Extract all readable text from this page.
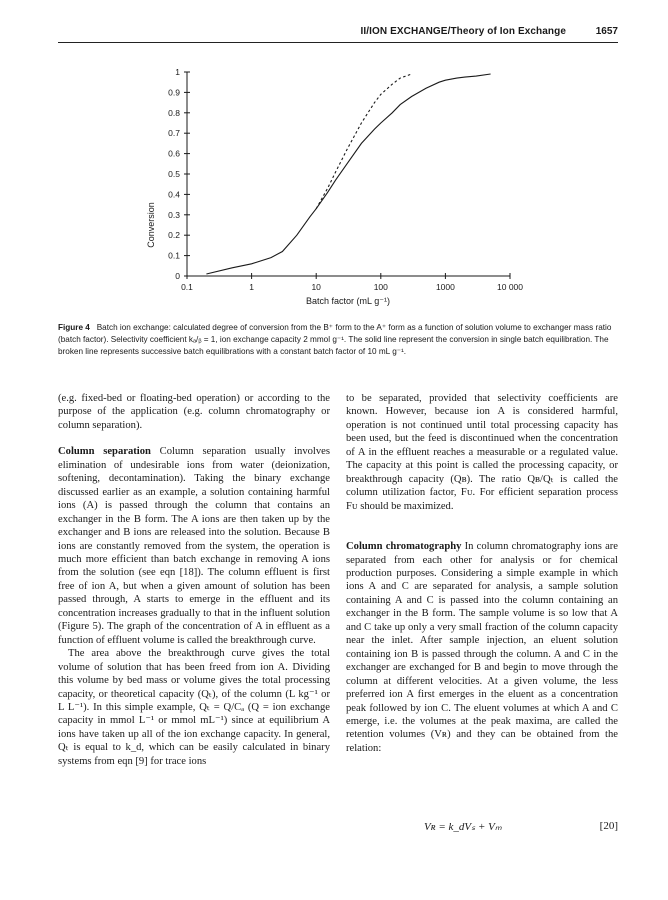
II/ION EXCHANGE/Theory of Ion Exchange	1657
0.1	1	10	100	1000	10 000
0
0.1
0.2
0.3
0.4
0.5
0.6
0.7
0.8
0.9
1
Batch factor (mL g⁻¹)
Conversion
Figure 4 Batch ion exchange: calculated degree of conversion from the B⁺ form to the A⁺ form as a function of solution volume to exchanger mass ratio (batch factor). Selectivity coefficient kₐ/ᵦ = 1, ion exchange capacity 2 mmol g⁻¹. The solid line represent the conversion in single batch equilibration. The broken line represents successive batch equilibrations with a constant batch factor of 10 mL g⁻¹.

(e.g. fixed-bed or floating-bed operation) or according to the purpose of the application (e.g. column chromatography or column separation).

Column separation Column separation usually involves elimination of undesirable ions from water (deionization, softening, decontamination). Taking the binary exchange discussed earlier as an example, a solution containing harmful ions (A) is passed through the column that contains an exchanger in the B form. The A ions are then taken up by the exchanger and B ions are released into the solution. Because B ions are constantly removed from the system, the operation is much more efficient than batch exchange in removing A ions from the solution (see eqn [18]). The column effluent is first free of ion A, but when a given amount of solution has been passed through, A starts to emerge in the effluent and its concentration increases gradually to that in the influent solution (Figure 5). The graph of the concentration of A in effluent as a function of effluent volume is called the breakthrough curve.

The area above the breakthrough curve gives the total volume of solution that has been freed from ion A. Dividing this volume by bed mass or volume gives the total processing capacity, or theoretical capacity (Qₜ), of the column (L kg⁻¹ or L L⁻¹). In this simple example, Qₜ = Q/Cₐ (Q = ion exchange capacity in mmol L⁻¹ or mmol mL⁻¹) since at equilibrium A ions have taken up all of the ion exchange capacity. In general, Qₜ is equal to k_d, which can be easily calculated in binary systems from eqn [9] for trace ions

to be separated, provided that selectivity coefficients are known. However, because ion A is considered harmful, operation is not continued until total processing capacity has been used, but the feed is discontinued when the concentration of A in the effluent reaches a measurable or a regulated value. The capacity at this point is called the processing capacity, or breakthrough capacity (Qʙ). The ratio Qʙ/Qₜ is called the column utilization factor, Fᴜ. For efficient separation process Fᴜ should be maximized.

Column chromatography In column chromatography ions are separated from each other for analysis or for chemical production purposes. Considering a simple example in which ions A and C are separated for analysis, a sample solution containing A and C is passed into the column containing an exchanger in the B form. The sample volume is so low that A and C take up only a very small fraction of the column capacity near the inlet. After sample injection, an eluent solution containing ion B is passed through the column. A and C in the exchanger are exchanged for B and begin to move through the column at different velocities. At a given volume, the less preferred ion A first emerges in the eluent as a concentration peak followed by ion C. The eluent volumes at which A and C emerge, i.e. the volumes at the peak maxima, are called the retention volumes (Vʀ) and they can be obtained from the relation:

Vʀ = k_dVₛ + Vₘ	[20]
